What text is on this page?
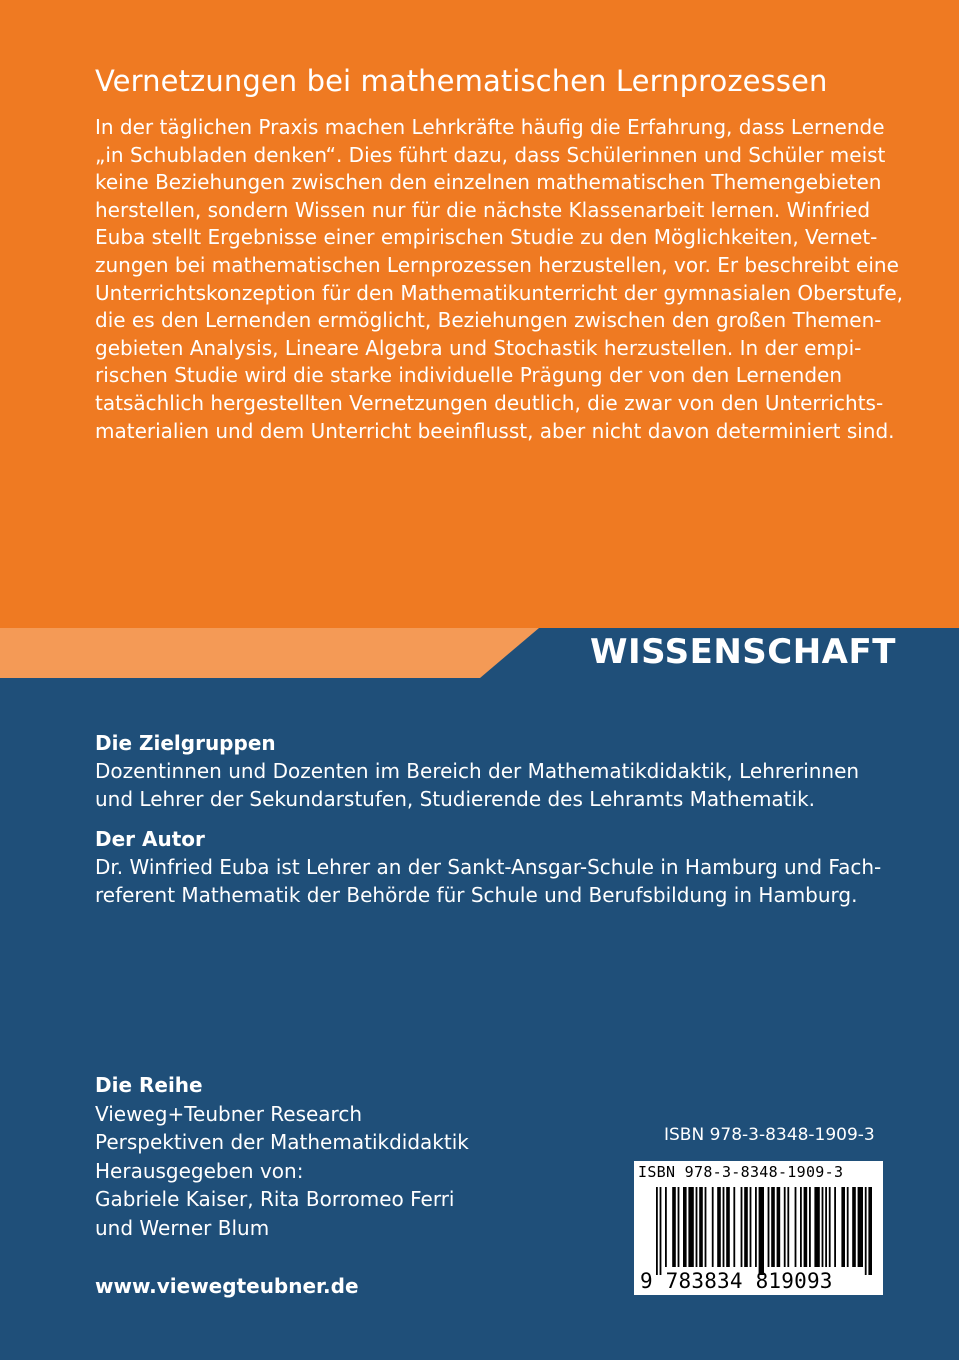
Vernetzungen bei mathematischen Lernprozessen
In der täglichen Praxis machen Lehrkräfte häufig die Erfahrung, dass Lernende
„in Schubladen denken“. Dies führt dazu, dass Schülerinnen und Schüler meist
keine Beziehungen zwischen den einzelnen mathematischen Themengebieten
herstellen, sondern Wissen nur für die nächste Klassenarbeit lernen. Winfried
Euba stellt Ergebnisse einer empirischen Studie zu den Möglichkeiten, Vernet-
zungen bei mathematischen Lernprozessen herzustellen, vor. Er beschreibt eine
Unterrichtskonzeption für den Mathematikunterricht der gymnasialen Oberstufe,
die es den Lernenden ermöglicht, Beziehungen zwischen den großen Themen-
gebieten Analysis, Lineare Algebra und Stochastik herzustellen. In der empi-
rischen Studie wird die starke individuelle Prägung der von den Lernenden
tatsächlich hergestellten Vernetzungen deutlich, die zwar von den Unterrichts-
materialien und dem Unterricht beeinflusst, aber nicht davon determiniert sind.
WISSENSCHAFT
Die Zielgruppen
Dozentinnen und Dozenten im Bereich der Mathematikdidaktik, Lehrerinnen
und Lehrer der Sekundarstufen, Studierende des Lehramts Mathematik.
Der Autor
Dr. Winfried Euba ist Lehrer an der Sankt-Ansgar-Schule in Hamburg und Fach-
referent Mathematik der Behörde für Schule und Berufsbildung in Hamburg.
Die Reihe
Vieweg+Teubner Research
Perspektiven der Mathematikdidaktik
Herausgegeben von:
Gabriele Kaiser, Rita Borromeo Ferri
und Werner Blum
www.viewegteubner.de
ISBN 978-3-8348-1909-3
ISBN 978-3-8348-1909-3
9 783834 819093
